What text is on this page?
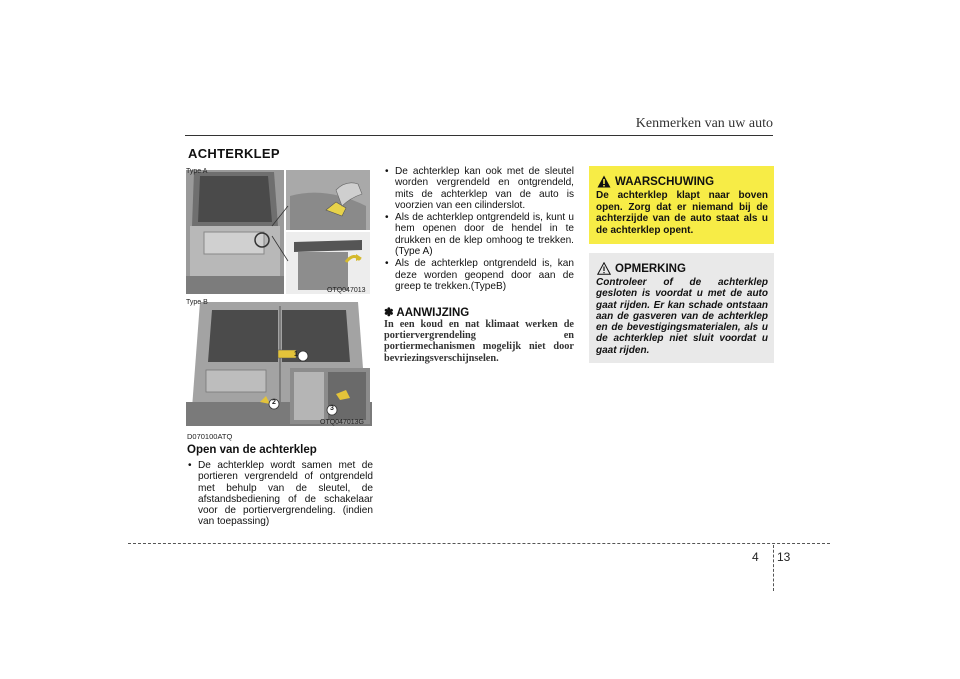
Kenmerken van uw auto
ACHTERKLEP
Type A
OTQ047013
1
2
3
Type B
OTQ047013G
D070100ATQ
Open van de achterklep
• De achterklep wordt samen met de portieren vergrendeld of ontgrendeld met behulp van de sleutel, de afstandsbediening of de schakelaar voor de portiervergrendeling. (indien van toepassing)
• De achterklep kan ook met de sleutel worden vergrendeld en ontgrendeld, mits de achterklep van de auto is voorzien van een cilinderslot.
• Als de achterklep ontgrendeld is, kunt u hem openen door de hendel in te drukken en de klep omhoog te trekken. (Type A)
• Als de achterklep ontgrendeld is, kan deze worden geopend door aan de greep te trekken.(TypeB)
✽ AANWIJZING
In een koud en nat klimaat werken de portiervergrendeling en portiermechanismen mogelijk niet door bevriezingsverschijnselen.
WAARSCHUWING
De achterklep klapt naar boven open. Zorg dat er niemand bij de achterzijde van de auto staat als u de achterklep opent.
OPMERKING
Controleer of de achterklep gesloten is voordat u met de auto gaat rijden. Er kan schade ontstaan aan de gasveren van de achterklep en de bevestigingsmaterialen, als u de achterklep niet sluit voordat u gaat rijden.
4 13
